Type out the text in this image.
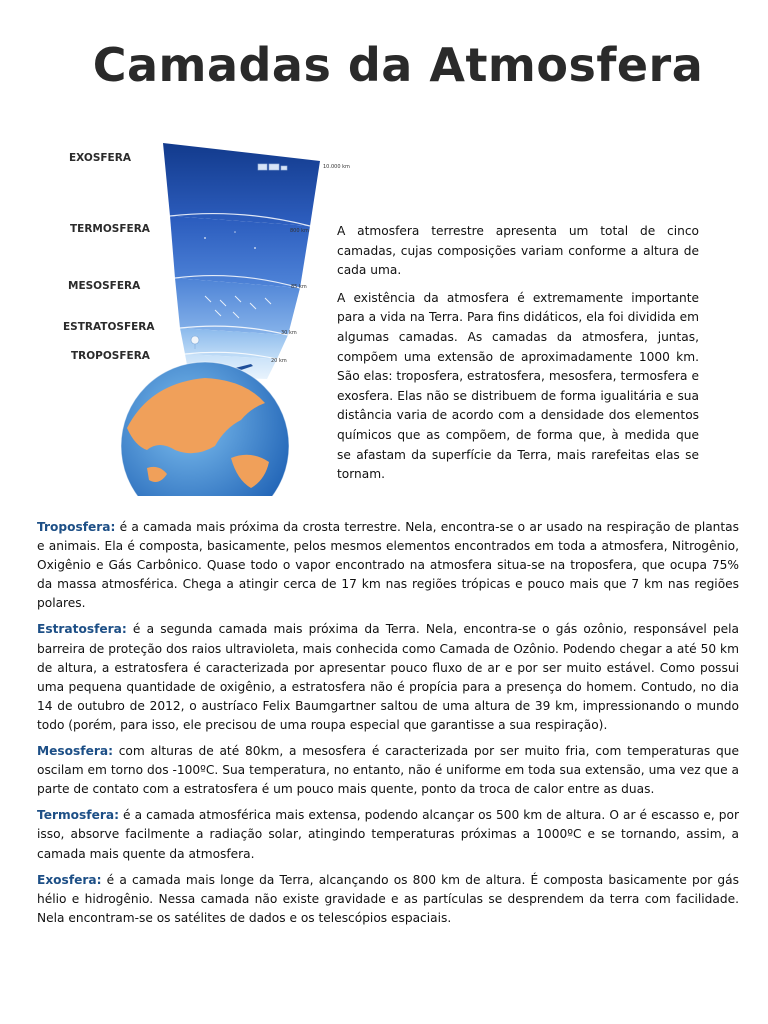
Camadas da Atmosfera
10.000 km
800 km
85 km
30 km
20 km
EXOSFERA
TERMOSFERA
MESOSFERA
ESTRATOSFERA
TROPOSFERA

A atmosfera terrestre apresenta um total de cinco camadas, cujas composições variam conforme a altura de cada uma.

A existência da atmosfera é extremamente importante para a vida na Terra. Para fins didáticos, ela foi dividida em algumas camadas. As camadas da atmosfera, juntas, compõem uma extensão de aproximadamente 1000 km. São elas: troposfera, estratosfera, mesosfera, termosfera e exosfera. Elas não se distribuem de forma igualitária e sua distância varia de acordo com a densidade dos elementos químicos que as compõem, de forma que, à medida que se afastam da superfície da Terra, mais rarefeitas elas se tornam.

Troposfera: é a camada mais próxima da crosta terrestre. Nela, encontra-se o ar usado na respiração de plantas e animais. Ela é composta, basicamente, pelos mesmos elementos encontrados em toda a atmosfera, Nitrogênio, Oxigênio e Gás Carbônico. Quase todo o vapor encontrado na atmosfera situa-se na troposfera, que ocupa 75% da massa atmosférica. Chega a atingir cerca de 17 km nas regiões trópicas e pouco mais que 7 km nas regiões polares.

Estratosfera: é a segunda camada mais próxima da Terra. Nela, encontra-se o gás ozônio, responsável pela barreira de proteção dos raios ultravioleta, mais conhecida como Camada de Ozônio. Podendo chegar a até 50 km de altura, a estratosfera é caracterizada por apresentar pouco fluxo de ar e por ser muito estável. Como possui uma pequena quantidade de oxigênio, a estratosfera não é propícia para a presença do homem. Contudo, no dia 14 de outubro de 2012, o austríaco Felix Baumgartner saltou de uma altura de 39 km, impressionando o mundo todo (porém, para isso, ele precisou de uma roupa especial que garantisse a sua respiração).

Mesosfera: com alturas de até 80km, a mesosfera é caracterizada por ser muito fria, com temperaturas que oscilam em torno dos -100ºC. Sua temperatura, no entanto, não é uniforme em toda sua extensão, uma vez que a parte de contato com a estratosfera é um pouco mais quente, ponto da troca de calor entre as duas.

Termosfera: é a camada atmosférica mais extensa, podendo alcançar os 500 km de altura. O ar é escasso e, por isso, absorve facilmente a radiação solar, atingindo temperaturas próximas a 1000ºC e se tornando, assim, a camada mais quente da atmosfera.

Exosfera: é a camada mais longe da Terra, alcançando os 800 km de altura. É composta basicamente por gás hélio e hidrogênio. Nessa camada não existe gravidade e as partículas se desprendem da terra com facilidade. Nela encontram-se os satélites de dados e os telescópios espaciais.
